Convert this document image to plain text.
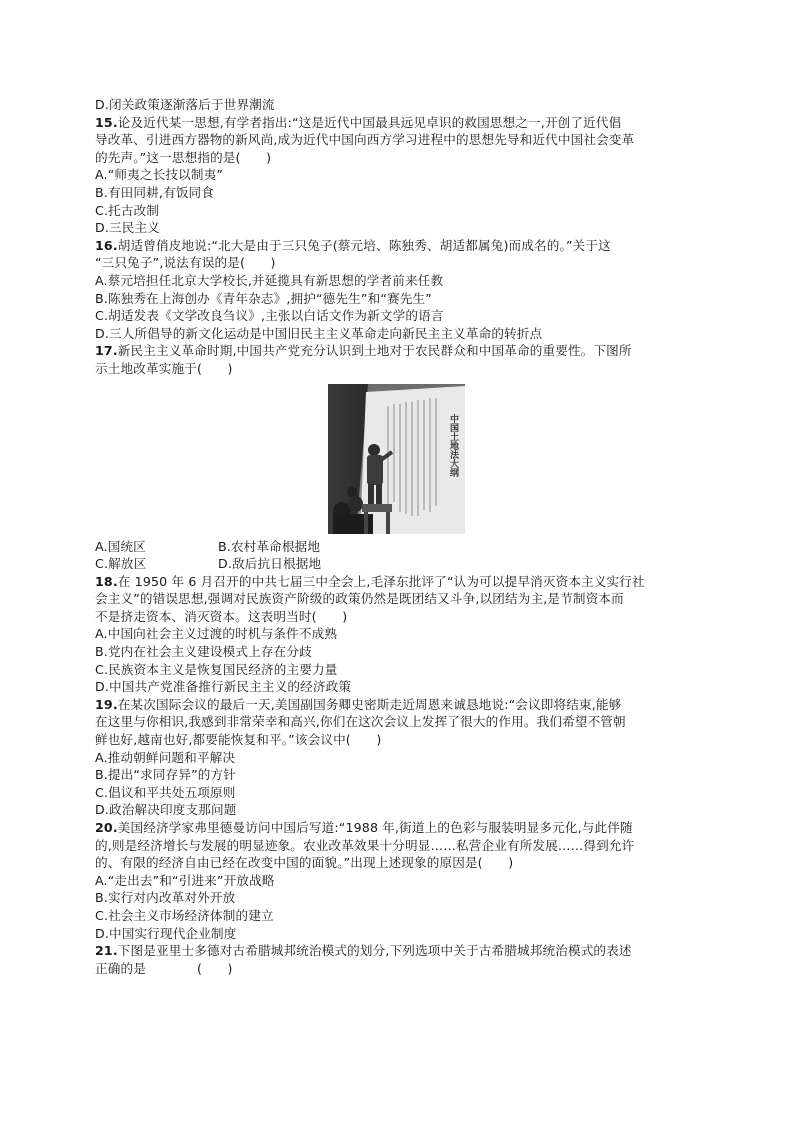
D.闭关政策逐渐落后于世界潮流
15.论及近代某一思想,有学者指出:“这是近代中国最具远见卓识的救国思想之一,开创了近代倡
导改革、引进西方器物的新风尚,成为近代中国向西方学习进程中的思想先导和近代中国社会变革
的先声。”这一思想指的是(　　)
A.“师夷之长技以制夷”
B.有田同耕,有饭同食
C.托古改制
D.三民主义
16.胡适曾俏皮地说:“北大是由于三只兔子(蔡元培、陈独秀、胡适都属兔)而成名的。”关于这
“三只兔子”,说法有误的是(　　)
A.蔡元培担任北京大学校长,并延揽具有新思想的学者前来任教
B.陈独秀在上海创办《青年杂志》,拥护“德先生”和“赛先生”
C.胡适发表《文学改良刍议》,主张以白话文作为新文学的语言
D.三人所倡导的新文化运动是中国旧民主主义革命走向新民主主义革命的转折点
17.新民主主义革命时期,中国共产党充分认识到土地对于农民群众和中国革命的重要性。下图所
示土地改革实施于(　　)
中国土地法大纲
A.国统区	B.农村革命根据地
C.解放区	D.敌后抗日根据地
18.在 1950 年 6 月召开的中共七届三中全会上,毛泽东批评了“认为可以提早消灭资本主义实行社
会主义”的错误思想,强调对民族资产阶级的政策仍然是既团结又斗争,以团结为主,是节制资本而
不是挤走资本、消灭资本。这表明当时(　　)
A.中国向社会主义过渡的时机与条件不成熟
B.党内在社会主义建设模式上存在分歧
C.民族资本主义是恢复国民经济的主要力量
D.中国共产党准备推行新民主主义的经济政策
19.在某次国际会议的最后一天,美国副国务卿史密斯走近周恩来诚恳地说:“会议即将结束,能够
在这里与你相识,我感到非常荣幸和高兴,你们在这次会议上发挥了很大的作用。我们希望不管朝
鲜也好,越南也好,都要能恢复和平。”该会议中(　　)
A.推动朝鲜问题和平解决
B.提出“求同存异”的方针
C.倡议和平共处五项原则
D.政治解决印度支那问题
20.美国经济学家弗里德曼访问中国后写道:“1988 年,街道上的色彩与服装明显多元化,与此伴随
的,则是经济增长与发展的明显迹象。农业改革效果十分明显……私营企业有所发展……得到允许
的、有限的经济自由已经在改变中国的面貌。”出现上述现象的原因是(　　)
A.“走出去”和“引进来”开放战略
B.实行对内改革对外开放
C.社会主义市场经济体制的建立
D.中国实行现代企业制度
21.下图是亚里士多德对古希腊城邦统治模式的划分,下列选项中关于古希腊城邦统治模式的表述
正确的是　　　　(　　)
